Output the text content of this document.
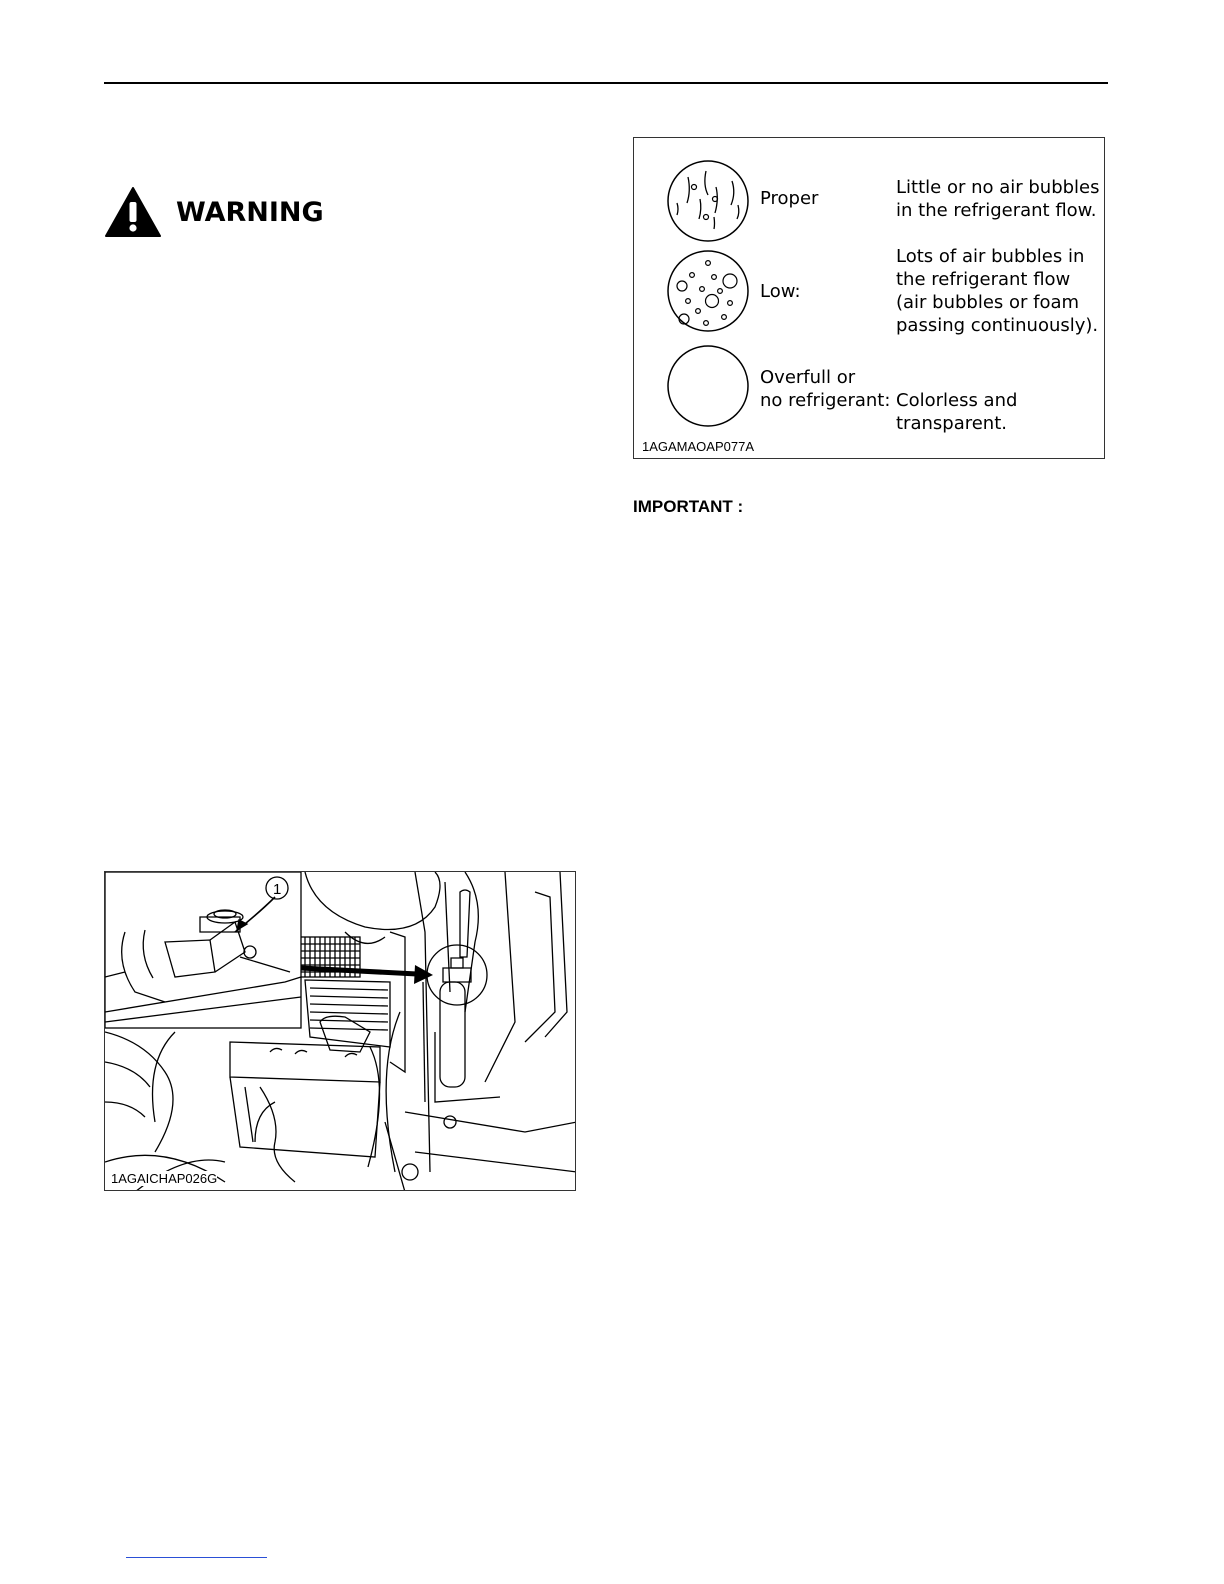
WARNING	Proper
Little or no air bubbles in the refrigerant flow.
Low:
Lots of air bubbles in the refrigerant flow (air bubbles or foam passing continuously).
Overfull or
no refrigerant: Colorless and transparent.
1AGAMAOAP077A
IMPORTANT :
1
1AGAICHAP026G
